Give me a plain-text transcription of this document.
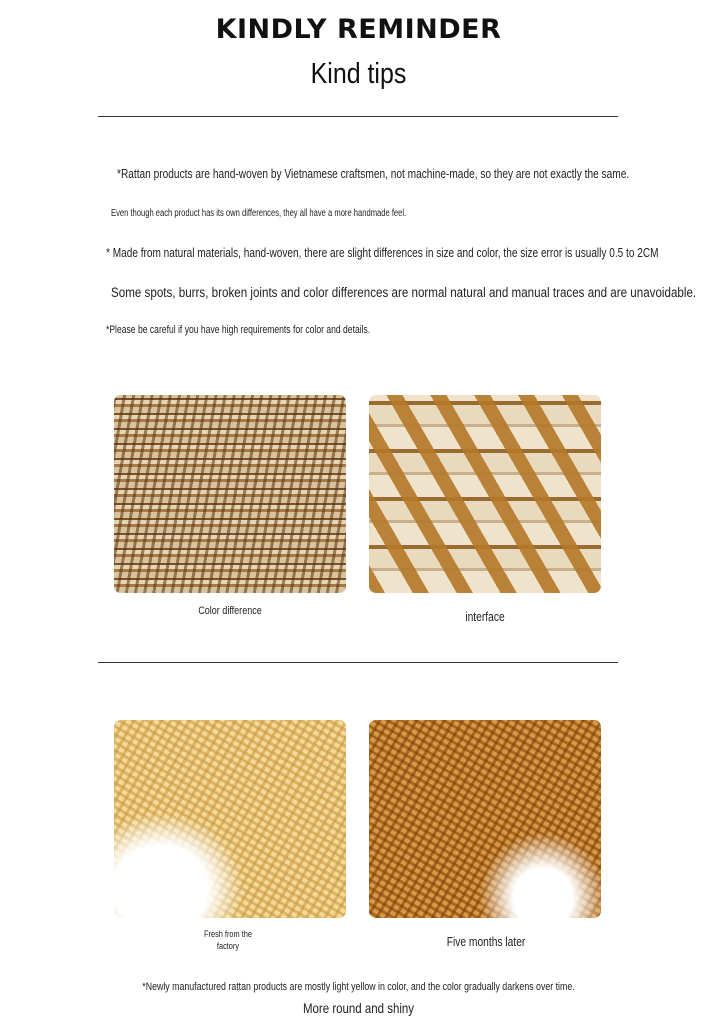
KINDLY REMINDER
Kind tips
*Rattan products are hand-woven by Vietnamese craftsmen, not machine-made, so they are not exactly the same.
Even though each product has its own differences, they all have a more handmade feel.
* Made from natural materials, hand-woven, there are slight differences in size and color, the size error is usually 0.5 to 2CM
Some spots, burrs, broken joints and color differences are normal natural and manual traces and are unavoidable.
*Please be careful if you have high requirements for color and details.
Color difference	interface
Fresh from the factory	Five months later
*Newly manufactured rattan products are mostly light yellow in color, and the color gradually darkens over time.
More round and shiny
